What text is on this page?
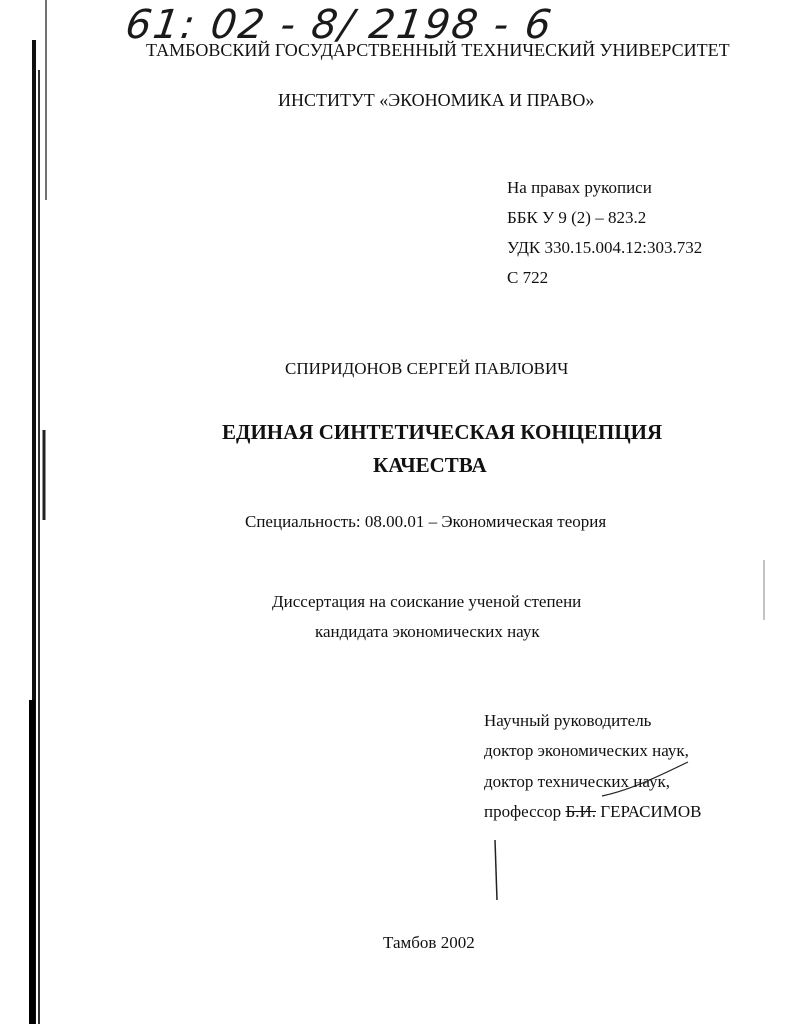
61: 02 - 8/ 2198 - 6
ТАМБОВСКИЙ ГОСУДАРСТВЕННЫЙ ТЕХНИЧЕСКИЙ УНИВЕРСИТЕТ
ИНСТИТУТ «ЭКОНОМИКА И ПРАВО»
На правах рукописи
ББК У 9 (2) – 823.2
УДК 330.15.004.12:303.732
С 722
СПИРИДОНОВ СЕРГЕЙ ПАВЛОВИЧ
ЕДИНАЯ СИНТЕТИЧЕСКАЯ КОНЦЕПЦИЯ
КАЧЕСТВА
Специальность: 08.00.01 – Экономическая теория
Диссертация на соискание ученой степени
кандидата экономических наук
Научный руководитель
доктор экономических наук,
доктор технических наук,
профессор Б.И. ГЕРАСИМОВ
Тамбов 2002
